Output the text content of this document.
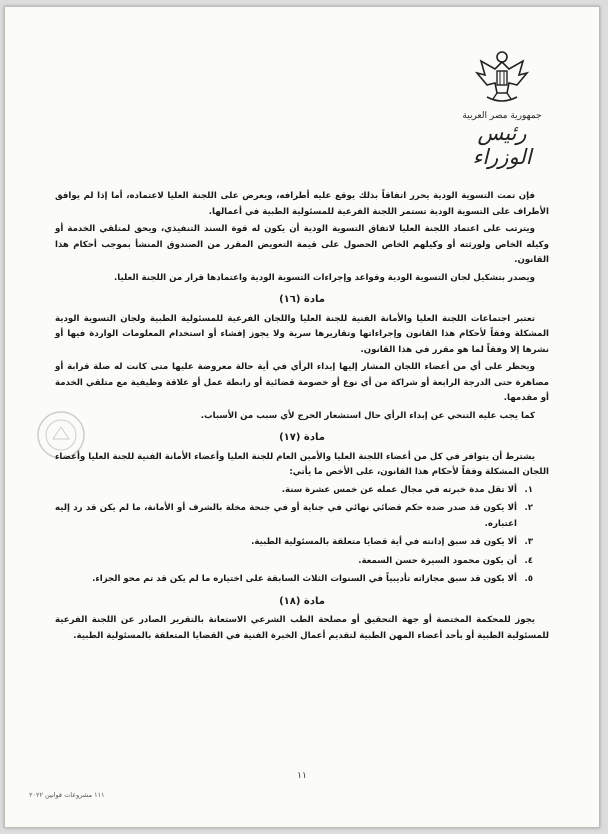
جمهورية مصر العربية
رئيس الوزراء

فإن تمت التسوية الودية يحرر اتفاقاً بذلك يوقع عليه أطرافه، ويعرض على اللجنة العليا لاعتماده، أما إذا لم يوافق الأطراف على التسوية الودية تستمر اللجنة الفرعية للمسئولية الطبية في أعمالها.

ويترتب على اعتماد اللجنة العليا لاتفاق التسوية الودية أن يكون له قوة السند التنفيذي، ويحق لمتلقي الخدمة أو وكيله الخاص ولورثته أو وكيلهم الخاص الحصول على قيمة التعويض المقرر من الصندوق المنشأ بموجب أحكام هذا القانون.

ويصدر بتشكيل لجان التسوية الودية وقواعد وإجراءات التسوية الودية واعتمادها قرار من اللجنة العليا.

مادة (١٦)

تعتبر اجتماعات اللجنة العليا والأمانة الفنية للجنة العليا واللجان الفرعية للمسئولية الطبية ولجان التسوية الودية المشكلة وفقاً لأحكام هذا القانون وإجراءاتها وتقاريرها سرية ولا يجوز إفشاء أو استخدام المعلومات الواردة فيها أو نشرها إلا وفقاً لما هو مقرر في هذا القانون.

ويحظر على أي من أعضاء اللجان المشار إليها إبداء الرأي في أية حالة معروضة عليها متى كانت له صلة قرابة أو مصاهرة حتى الدرجة الرابعة أو شراكة من أي نوع أو خصومة قضائية أو رابطة عمل أو علاقة وظيفية مع متلقي الخدمة أو مقدمها.

كما يجب عليه التنحي عن إبداء الرأي حال استشعار الحرج لأي سبب من الأسباب.

مادة (١٧)

يشترط أن يتوافر في كل من أعضاء اللجنة العليا والأمين العام للجنة العليا وأعضاء الأمانة الفنية للجنة العليا وأعضاء اللجان المشكلة وفقاً لأحكام هذا القانون، على الأخص ما يأتي:

١.
ألا تقل مدة خبرته في مجال عمله عن خمس عشرة سنة.
٢.
ألا يكون قد صدر ضده حكم قضائي نهائي في جناية أو في جنحة مخلة بالشرف أو الأمانة، ما لم يكن قد رد إليه اعتباره.
٣.
ألا يكون قد سبق إدانته في أية قضايا متعلقة بالمسئولية الطبية.
٤.
أن يكون محمود السيرة حسن السمعة.
٥.
ألا يكون قد سبق مجازاته تأديبياً في السنوات الثلاث السابقة على اختياره ما لم يكن قد تم محو الجزاء.
مادة (١٨)

يجوز للمحكمة المختصة أو جهة التحقيق أو مصلحة الطب الشرعي الاستعانة بالتقرير الصادر عن اللجنة الفرعية للمسئولية الطبية أو بأحد أعضاء المهن الطبية لتقديم أعمال الخبرة الفنية في القضايا المتعلقة بالمسئولية الطبية.

١١
١١١ مشروعات قوانين ٢٠٢٢
